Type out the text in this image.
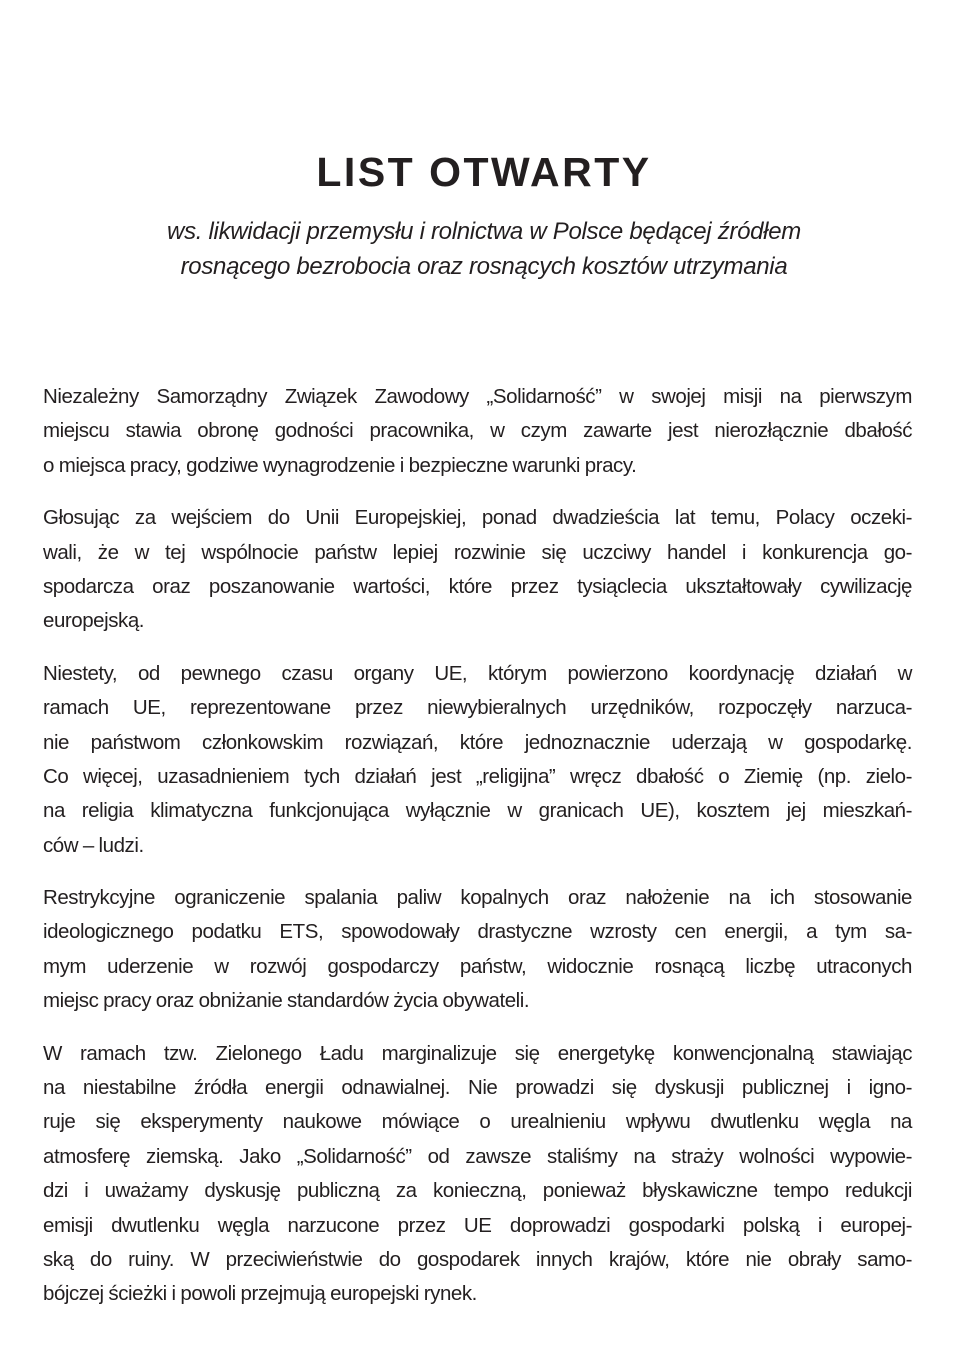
LIST OTWARTY

ws. likwidacji przemysłu i rolnictwa w Polsce będącej źródłem
rosnącego bezrobocia oraz rosnących kosztów utrzymania

Niezależny Samorządny Związek Zawodowy „Solidarność” w swojej misji na pierwszym
miejscu stawia obronę godności pracownika, w czym zawarte jest nierozłącznie dbałość
o miejsca pracy, godziwe wynagrodzenie i bezpieczne warunki pracy.

Głosując za wejściem do Unii Europejskiej, ponad dwadzieścia lat temu, Polacy oczeki-
wali, że w tej wspólnocie państw lepiej rozwinie się uczciwy handel i konkurencja go-
spodarcza oraz poszanowanie wartości, które przez tysiąclecia ukształtowały cywilizację
europejską.

Niestety, od pewnego czasu organy UE, którym powierzono koordynację działań w
ramach UE, reprezentowane przez niewybieralnych urzędników, rozpoczęły narzuca-
nie państwom członkowskim rozwiązań, które jednoznacznie uderzają w gospodarkę.
Co więcej, uzasadnieniem tych działań jest „religijna” wręcz dbałość o Ziemię (np. zielo-
na religia klimatyczna funkcjonująca wyłącznie w granicach UE), kosztem jej mieszkań-
ców – ludzi.

Restrykcyjne ograniczenie spalania paliw kopalnych oraz nałożenie na ich stosowanie
ideologicznego podatku ETS, spowodowały drastyczne wzrosty cen energii, a tym sa-
mym uderzenie w rozwój gospodarczy państw, widocznie rosnącą liczbę utraconych
miejsc pracy oraz obniżanie standardów życia obywateli.

W ramach tzw. Zielonego Ładu marginalizuje się energetykę konwencjonalną stawiając
na niestabilne źródła energii odnawialnej. Nie prowadzi się dyskusji publicznej i igno-
ruje się eksperymenty naukowe mówiące o urealnieniu wpływu dwutlenku węgla na
atmosferę ziemską. Jako „Solidarność” od zawsze staliśmy na straży wolności wypowie-
dzi i uważamy dyskusję publiczną za konieczną, ponieważ błyskawiczne tempo redukcji
emisji dwutlenku węgla narzucone przez UE doprowadzi gospodarki polską i europej-
ską do ruiny. W przeciwieństwie do gospodarek innych krajów, które nie obrały samo-
bójczej ścieżki i powoli przejmują europejski rynek.
